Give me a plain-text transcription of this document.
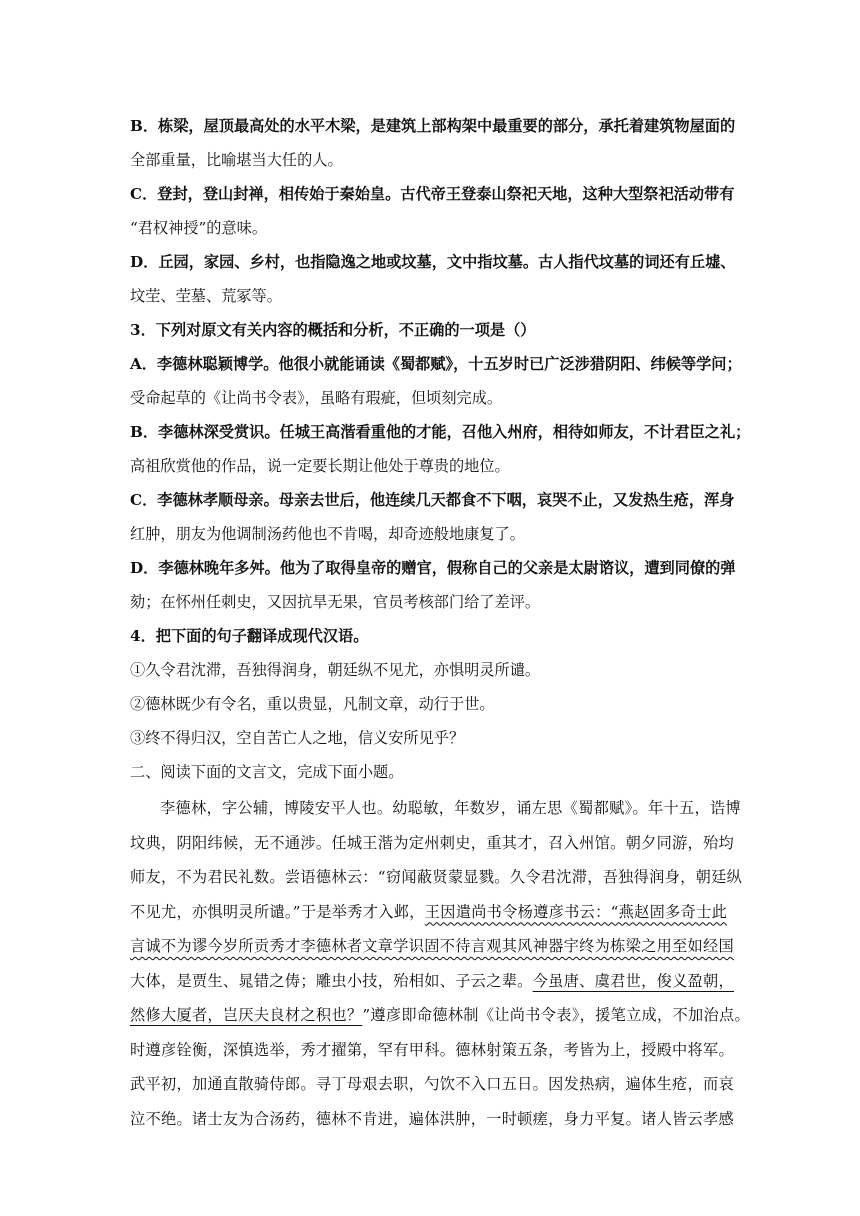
B．栋梁，屋顶最高处的水平木梁，是建筑上部构架中最重要的部分，承托着建筑物屋面的

全部重量，比喻堪当大任的人。

C．登封，登山封禅，相传始于秦始皇。古代帝王登泰山祭祀天地，这种大型祭祀活动带有

“君权神授”的意味。

D．丘园，家园、乡村，也指隐逸之地或坟墓，文中指坟墓。古人指代坟墓的词还有丘墟、

坟茔、茔墓、荒冢等。

3．下列对原文有关内容的概括和分析，不正确的一项是（）

A．李德林聪颖博学。他很小就能诵读《蜀都赋》，十五岁时已广泛涉猎阴阳、纬候等学问；

受命起草的《让尚书令表》，虽略有瑕疵，但顷刻完成。

B．李德林深受赏识。任城王高湝看重他的才能，召他入州府，相待如师友，不计君臣之礼；

高祖欣赏他的作品，说一定要长期让他处于尊贵的地位。

C．李德林孝顺母亲。母亲去世后，他连续几天都食不下咽，哀哭不止，又发热生疮，浑身

红肿，朋友为他调制汤药他也不肯喝，却奇迹般地康复了。

D．李德林晚年多舛。他为了取得皇帝的赠官，假称自己的父亲是太尉谘议，遭到同僚的弹

劾；在怀州任刺史，又因抗旱无果，官员考核部门给了差评。

4．把下面的句子翻译成现代汉语。

①久令君沈滞，吾独得润身，朝廷纵不见尤，亦惧明灵所谴。

②德林既少有令名，重以贵显，凡制文章，动行于世。

③终不得归汉，空自苦亡人之地，信义安所见乎？

二、阅读下面的文言文，完成下面小题。

李德林，字公辅，博陵安平人也。幼聪敏，年数岁，诵左思《蜀都赋》。年十五，诰博

坟典，阴阳纬候，无不通涉。任城王湝为定州刺史，重其才，召入州馆。朝夕同游，殆均

师友，不为君民礼数。尝语德林云：“窃闻蔽贤蒙显戮。久令君沈滞，吾独得润身，朝廷纵

不见尤，亦惧明灵所谴。”于是举秀才入邺，王因遣尚书令杨遵彦书云：“燕赵固多奇士此

言诚不为谬今岁所贡秀才李德林者文章学识固不待言观其风神器宇终为栋梁之用至如经国

大体，是贾生、晁错之俦；雕虫小技，殆相如、子云之辈。今虽唐、虞君世，俊义盈朝，

然修大厦者，岂厌夫良材之积也？”遵彦即命德林制《让尚书令表》，援笔立成，不加治点。

时遵彦铨衡，深慎选举，秀才擢第，罕有甲科。德林射策五条，考皆为上，授殿中将军。

武平初，加通直散骑侍郎。寻丁母艰去职，勺饮不入口五日。因发热病，遍体生疮，而哀

泣不绝。诸士友为合汤药，德林不肯进，遍体洪肿，一时顿瘥，身力平复。诸人皆云孝感
